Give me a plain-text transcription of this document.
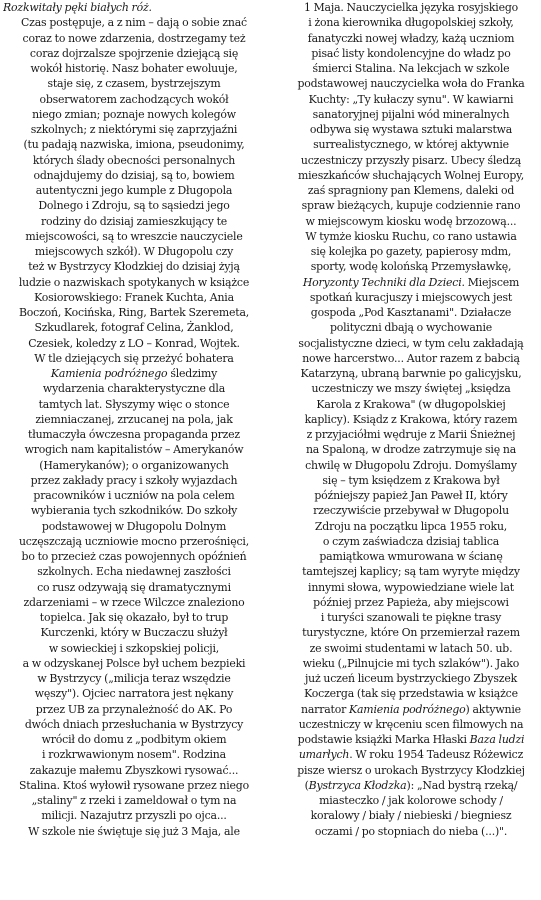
Rozkwitały pęki białych róż.
Czas postępuje, a z nim – dają o sobie znać
coraz to nowe zdarzenia, dostrzegamy też
coraz dojrzalsze spojrzenie dziejącą się
wokół historię. Nasz bohater ewoluuje,
staje się, z czasem, bystrzejszym
obserwatorem zachodzących wokół
niego zmian; poznaje nowych kolegów
szkolnych; z niektórymi się zaprzyjaźni
(tu padają nazwiska, imiona, pseudonimy,
których ślady obecności personalnych
odnajdujemy do dzisiaj, są to, bowiem
autentyczni jego kumple z Długopola
Dolnego i Zdroju, są to sąsiedzi jego
rodziny do dzisiaj zamieszkujący te
miejscowości, są to wreszcie nauczyciele
miejscowych szkół). W Długopolu czy
też w Bystrzycy Kłodzkiej do dzisiaj żyją
ludzie o nazwiskach spotykanych w książce
Kosiorowskiego: Franek Kuchta, Ania
Boczoń, Kocińska, Ring, Bartek Szeremeta,
Szkudlarek, fotograf Celina, Żanklod,
Czesiek, koledzy z LO – Konrad, Wojtek.
W tle dziejących się przeżyć bohatera
Kamienia podróżnego śledzimy
wydarzenia charakterystyczne dla
tamtych lat. Słyszymy więc o stonce
ziemniaczanej, zrzucanej na pola, jak
tłumaczyła ówczesna propaganda przez
wrogich nam kapitalistów – Amerykanów
(Hamerykanów); o organizowanych
przez zakłady pracy i szkoły wyjazdach
pracowników i uczniów na pola celem
wybierania tych szkodników. Do szkoły
podstawowej w Długopolu Dolnym
uczęszczają uczniowie mocno przerośnięci,
bo to przecież czas powojennych opóźnień
szkolnych. Echa niedawnej zaszłości
co rusz odzywają się dramatycznymi
zdarzeniami – w rzece Wilczce znaleziono
topielca. Jak się okazało, był to trup
Kurczenki, który w Buczaczu służył
w sowieckiej i szkopskiej policji,
a w odzyskanej Polsce był uchem bezpieki
w Bystrzycy („milicja teraz wszędzie
węszy"). Ojciec narratora jest nękany
przez UB za przynależność do AK. Po
dwóch dniach przesłuchania w Bystrzycy
wrócił do domu z „podbitym okiem
i rozkrwawionym nosem". Rodzina
zakazuje małemu Zbyszkowi rysować...
Stalina. Ktoś wyłowił rysowane przez niego
„staliny" z rzeki i zameldował o tym na
milicji. Nazajutrz przyszli po ojca...
W szkole nie świętuje się już 3 Maja, ale
1 Maja. Nauczycielka języka rosyjskiego
i żona kierownika długopolskiej szkoły,
fanatyczki nowej władzy, każą uczniom
pisać listy kondolencyjne do władz po
śmierci Stalina. Na lekcjach w szkole
podstawowej nauczycielka woła do Franka
Kuchty: „Ty kułaczy synu". W kawiarni
sanatoryjnej pijalni wód mineralnych
odbywa się wystawa sztuki malarstwa
surrealistycznego, w której aktywnie
uczestniczy przyszły pisarz. Ubecy śledzą
mieszkańców słuchających Wolnej Europy,
zaś spragniony pan Klemens, daleki od
spraw bieżących, kupuje codziennie rano
w miejscowym kiosku wodę brzozową...
W tymże kiosku Ruchu, co rano ustawia
się kolejka po gazety, papierosy mdm,
sporty, wodę kolońską Przemysławkę,
Horyzonty Techniki dla Dzieci. Miejscem
spotkań kuracjuszy i miejscowych jest
gospoda „Pod Kasztanami". Działacze
polityczni dbają o wychowanie
socjalistyczne dzieci, w tym celu zakładają
nowe harcerstwo... Autor razem z babcią
Katarzyną, ubraną barwnie po galicyjsku,
uczestniczy we mszy świętej „księdza
Karola z Krakowa" (w długopolskiej
kaplicy). Ksiądz z Krakowa, który razem
z przyjaciółmi wędruje z Marii Śnieżnej
na Spaloną, w drodze zatrzymuje się na
chwilę w Długopolu Zdroju. Domyślamy
się – tym księdzem z Krakowa był
późniejszy papież Jan Paweł II, który
rzeczywiście przebywał w Długopolu
Zdroju na początku lipca 1955 roku,
o czym zaświadcza dzisiaj tablica
pamiątkowa wmurowana w ścianę
tamtejszej kaplicy; są tam wyryte między
innymi słowa, wypowiedziane wiele lat
później przez Papieża, aby miejscowi
i turyści szanowali te piękne trasy
turystyczne, które On przemierzał razem
ze swoimi studentami w latach 50. ub.
wieku („Pilnujcie mi tych szlaków"). Jako
już uczeń liceum bystrzyckiego Zbyszek
Koczerga (tak się przedstawia w książce
narrator Kamienia podróżnego) aktywnie
uczestniczy w kręceniu scen filmowych na
podstawie książki Marka Hłaski Baza ludzi
umarłych. W roku 1954 Tadeusz Różewicz
pisze wiersz o urokach Bystrzycy Kłodzkiej
(Bystrzyca Kłodzka): „Nad bystrą rzeką/
miasteczko / jak kolorowe schody /
koralowy / biały / niebieski / biegniesz
oczami / po stopniach do nieba (...)".
